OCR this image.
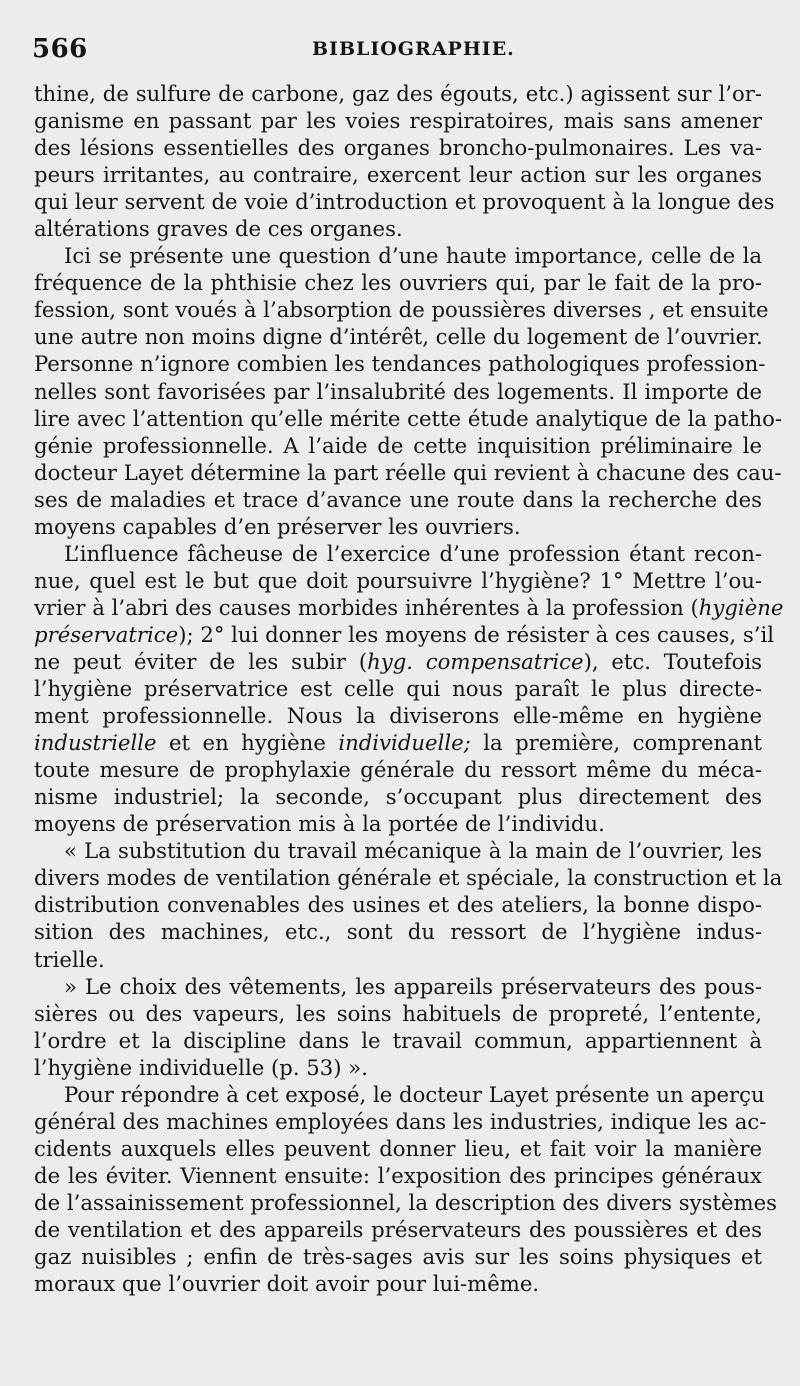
566	BIBLIOGRAPHIE.
thine, de sulfure de carbone, gaz des égouts, etc.) agissent sur l’or-
ganisme en passant par les voies respiratoires, mais sans amener
des lésions essentielles des organes broncho-pulmonaires. Les va-
peurs irritantes, au contraire, exercent leur action sur les organes
qui leur servent de voie d’introduction et provoquent à la longue des
altérations graves de ces organes.
Ici se présente une question d’une haute importance, celle de la
fréquence de la phthisie chez les ouvriers qui, par le fait de la pro-
fession, sont voués à l’absorption de poussières diverses , et ensuite
une autre non moins digne d’intérêt, celle du logement de l’ouvrier.
Personne n’ignore combien les tendances pathologiques profession-
nelles sont favorisées par l’insalubrité des logements. Il importe de
lire avec l’attention qu’elle mérite cette étude analytique de la patho-
génie professionnelle. A l’aide de cette inquisition préliminaire le
docteur Layet détermine la part réelle qui revient à chacune des cau-
ses de maladies et trace d’avance une route dans la recherche des
moyens capables d’en préserver les ouvriers.
L’influence fâcheuse de l’exercice d’une profession étant recon-
nue, quel est le but que doit poursuivre l’hygiène? 1° Mettre l’ou-
vrier à l’abri des causes morbides inhérentes à la profession (hygiène
préservatrice); 2° lui donner les moyens de résister à ces causes, s’il
ne peut éviter de les subir (hyg. compensatrice), etc. Toutefois
l’hygiène préservatrice est celle qui nous paraît le plus directe-
ment professionnelle. Nous la diviserons elle-même en hygiène
industrielle et en hygiène individuelle; la première, comprenant
toute mesure de prophylaxie générale du ressort même du méca-
nisme industriel; la seconde, s’occupant plus directement des
moyens de préservation mis à la portée de l’individu.
« La substitution du travail mécanique à la main de l’ouvrier, les
divers modes de ventilation générale et spéciale, la construction et la
distribution convenables des usines et des ateliers, la bonne dispo-
sition des machines, etc., sont du ressort de l’hygiène indus-
trielle.
» Le choix des vêtements, les appareils préservateurs des pous-
sières ou des vapeurs, les soins habituels de propreté, l’entente,
l’ordre et la discipline dans le travail commun, appartiennent à
l’hygiène individuelle (p. 53) ».
Pour répondre à cet exposé, le docteur Layet présente un aperçu
général des machines employées dans les industries, indique les ac-
cidents auxquels elles peuvent donner lieu, et fait voir la manière
de les éviter. Viennent ensuite: l’exposition des principes généraux
de l’assainissement professionnel, la description des divers systèmes
de ventilation et des appareils préservateurs des poussières et des
gaz nuisibles ; enfin de très-sages avis sur les soins physiques et
moraux que l’ouvrier doit avoir pour lui-même.
